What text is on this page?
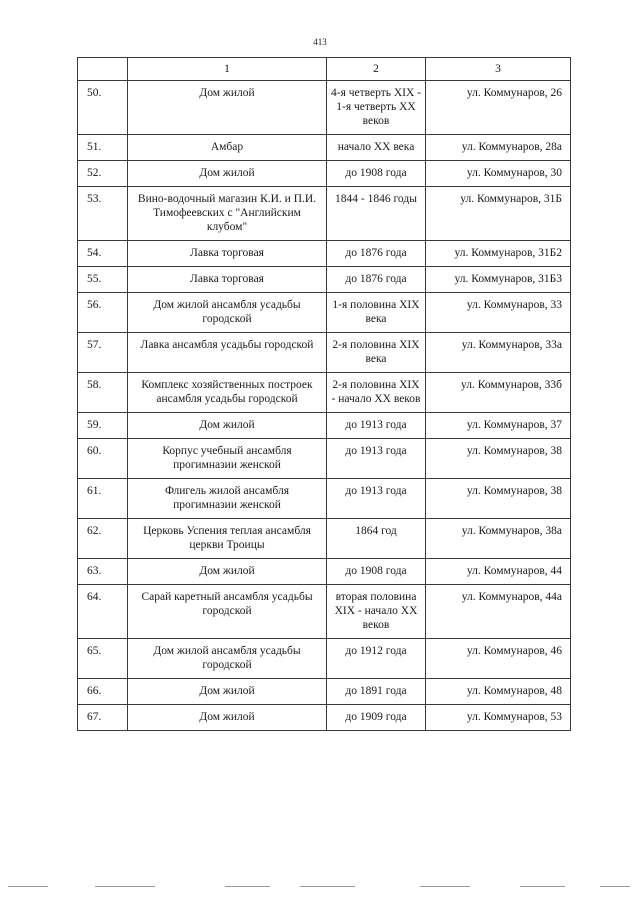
413
	1	2	3
50.	Дом жилой	4-я четверть XIX - 1-я четверть XX веков	ул. Коммунаров, 26
51.	Амбар	начало XX века	ул. Коммунаров, 28а
52.	Дом жилой	до 1908 года	ул. Коммунаров, 30
53.	Вино-водочный магазин К.И. и П.И. Тимофеевских с "Английским клубом"	1844 - 1846 годы	ул. Коммунаров, 31Б
54.	Лавка торговая	до 1876 года	ул. Коммунаров, 31Б2
55.	Лавка торговая	до 1876 года	ул. Коммунаров, 31Б3
56.	Дом жилой ансамбля усадьбы городской	1-я половина XIX века	ул. Коммунаров, 33
57.	Лавка ансамбля усадьбы городской	2-я половина XIX века	ул. Коммунаров, 33а
58.	Комплекс хозяйственных построек ансамбля усадьбы городской	2-я половина XIX - начало XX веков	ул. Коммунаров, 33б
59.	Дом жилой	до 1913 года	ул. Коммунаров, 37
60.	Корпус учебный ансамбля прогимназии женской	до 1913 года	ул. Коммунаров, 38
61.	Флигель жилой ансамбля прогимназии женской	до 1913 года	ул. Коммунаров, 38
62.	Церковь Успения теплая ансамбля церкви Троицы	1864 год	ул. Коммунаров, 38а
63.	Дом жилой	до 1908 года	ул. Коммунаров, 44
64.	Сарай каретный ансамбля усадьбы городской	вторая половина XIX - начало XX веков	ул. Коммунаров, 44а
65.	Дом жилой ансамбля усадьбы городской	до 1912 года	ул. Коммунаров, 46
66.	Дом жилой	до 1891 года	ул. Коммунаров, 48
67.	Дом жилой	до 1909 года	ул. Коммунаров, 53
